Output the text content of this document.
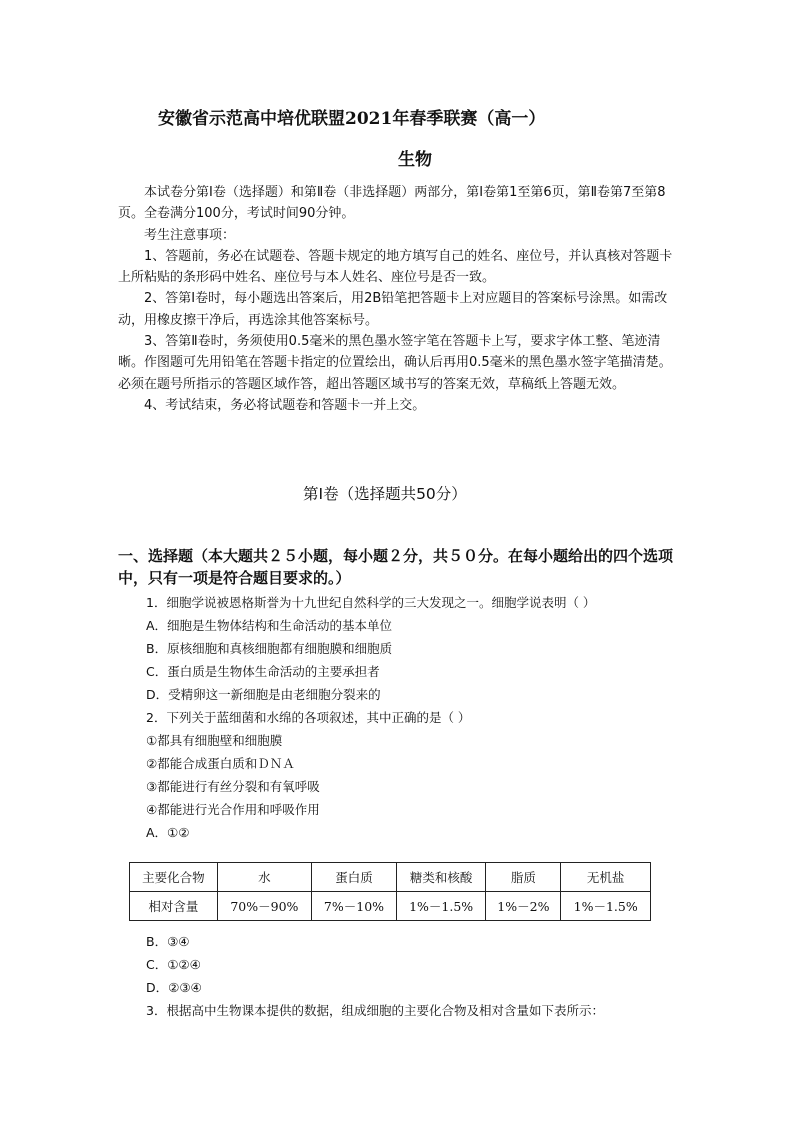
安徽省示范高中培优联盟2021年春季联赛（高一）
生物

本试卷分第Ⅰ卷（选择题）和第Ⅱ卷（非选择题）两部分，第Ⅰ卷第1至第6页，第Ⅱ卷第7至第8页。全卷满分100分，考试时间90分钟。

考生注意事项：

1、答题前，务必在试题卷、答题卡规定的地方填写自己的姓名、座位号，并认真核对答题卡上所粘贴的条形码中姓名、座位号与本人姓名、座位号是否一致。

2、答第Ⅰ卷时，每小题选出答案后，用2B铅笔把答题卡上对应题目的答案标号涂黑。如需改动，用橡皮擦干净后，再选涂其他答案标号。

3、答第Ⅱ卷时，务须使用0.5毫米的黑色墨水签字笔在答题卡上写，要求字体工整、笔迹清晰。作图题可先用铅笔在答题卡指定的位置绘出，确认后再用0.5毫米的黑色墨水签字笔描清楚。必须在题号所指示的答题区域作答，超出答题区域书写的答案无效，草稿纸上答题无效。

4、考试结束，务必将试题卷和答题卡一并上交。

第Ⅰ卷（选择题共50分）
一、选择题（本大题共２５小题，每小题２分，共５０分。在每小题给出的四个选项中，只有一项是符合题目要求的。）
1．细胞学说被恩格斯誉为十九世纪自然科学的三大发现之一。细胞学说表明（ ）
A．细胞是生物体结构和生命活动的基本单位
B．原核细胞和真核细胞都有细胞膜和细胞质
C．蛋白质是生物体生命活动的主要承担者
D．受精卵这一新细胞是由老细胞分裂来的
2．下列关于蓝细菌和水绵的各项叙述，其中正确的是（ ）
①都具有细胞壁和细胞膜
②都能合成蛋白质和ＤＮＡ
③都能进行有丝分裂和有氧呼吸
④都能进行光合作用和呼吸作用
A．①②
主要化合物	水	蛋白质	糖类和核酸	脂质	无机盐
相对含量	70%－90%	7%－10%	1%－1.5%	1%－2%	1%－1.5%
B．③④
C．①②④
D．②③④
3．根据高中生物课本提供的数据，组成细胞的主要化合物及相对含量如下表所示：
